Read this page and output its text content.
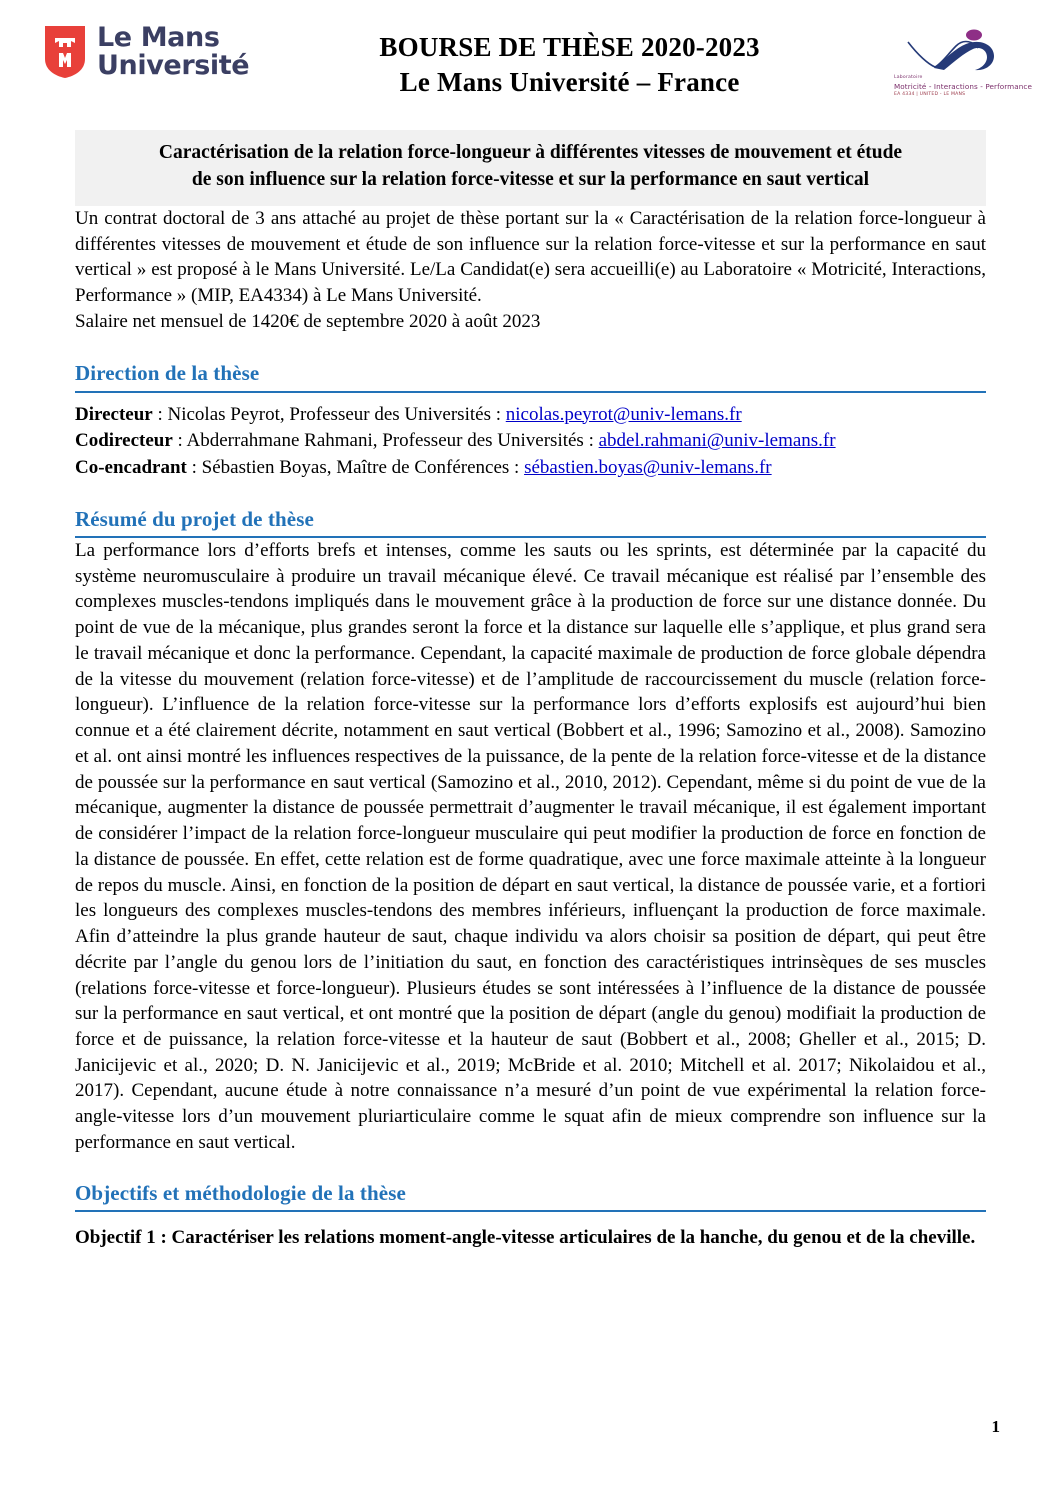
Le Mans
Université
BOURSE DE THÈSE 2020-2023
Le Mans Université – France	Laboratoire
Motricité - Interactions - Performance
EA 4334 | UNITED - LE MANS
Caractérisation de la relation force-longueur à différentes vitesses de mouvement et étude
de son influence sur la relation force-vitesse et sur la performance en saut vertical

Un contrat doctoral de 3 ans attaché au projet de thèse portant sur la « Caractérisation de la relation force-longueur à différentes vitesses de mouvement et étude de son influence sur la relation force-vitesse et sur la performance en saut vertical » est proposé à le Mans Université. Le/La Candidat(e) sera accueilli(e) au Laboratoire « Motricité, Interactions, Performance » (MIP, EA4334) à Le Mans Université.

Salaire net mensuel de 1420€ de septembre 2020 à août 2023

Direction de la thèse
Directeur : Nicolas Peyrot, Professeur des Universités : nicolas.peyrot@univ-lemans.fr
Codirecteur : Abderrahmane Rahmani, Professeur des Universités : abdel.rahmani@univ-lemans.fr
Co-encadrant : Sébastien Boyas, Maître de Conférences : sébastien.boyas@univ-lemans.fr
Résumé du projet de thèse

La performance lors d’efforts brefs et intenses, comme les sauts ou les sprints, est déterminée par la capacité du système neuromusculaire à produire un travail mécanique élevé. Ce travail mécanique est réalisé par l’ensemble des complexes muscles-tendons impliqués dans le mouvement grâce à la production de force sur une distance donnée. Du point de vue de la mécanique, plus grandes seront la force et la distance sur laquelle elle s’applique, et plus grand sera le travail mécanique et donc la performance. Cependant, la capacité maximale de production de force globale dépendra de la vitesse du mouvement (relation force-vitesse) et de l’amplitude de raccourcissement du muscle (relation force-longueur). L’influence de la relation force-vitesse sur la performance lors d’efforts explosifs est aujourd’hui bien connue et a été clairement décrite, notamment en saut vertical (Bobbert et al., 1996; Samozino et al., 2008). Samozino et al. ont ainsi montré les influences respectives de la puissance, de la pente de la relation force-vitesse et de la distance de poussée sur la performance en saut vertical (Samozino et al., 2010, 2012). Cependant, même si du point de vue de la mécanique, augmenter la distance de poussée permettrait d’augmenter le travail mécanique, il est également important de considérer l’impact de la relation force-longueur musculaire qui peut modifier la production de force en fonction de la distance de poussée. En effet, cette relation est de forme quadratique, avec une force maximale atteinte à la longueur de repos du muscle. Ainsi, en fonction de la position de départ en saut vertical, la distance de poussée varie, et a fortiori les longueurs des complexes muscles-tendons des membres inférieurs, influençant la production de force maximale. Afin d’atteindre la plus grande hauteur de saut, chaque individu va alors choisir sa position de départ, qui peut être décrite par l’angle du genou lors de l’initiation du saut, en fonction des caractéristiques intrinsèques de ses muscles (relations force-vitesse et force-longueur). Plusieurs études se sont intéressées à l’influence de la distance de poussée sur la performance en saut vertical, et ont montré que la position de départ (angle du genou) modifiait la production de force et de puissance, la relation force-vitesse et la hauteur de saut (Bobbert et al., 2008; Gheller et al., 2015; D. Janicijevic et al., 2020; D. N. Janicijevic et al., 2019; McBride et al. 2010; Mitchell et al. 2017; Nikolaidou et al., 2017). Cependant, aucune étude à notre connaissance n’a mesuré d’un point de vue expérimental la relation force-angle-vitesse lors d’un mouvement pluriarticulaire comme le squat afin de mieux comprendre son influence sur la performance en saut vertical.

Objectifs et méthodologie de la thèse

Objectif 1 : Caractériser les relations moment-angle-vitesse articulaires de la hanche, du genou et de la cheville.

1
